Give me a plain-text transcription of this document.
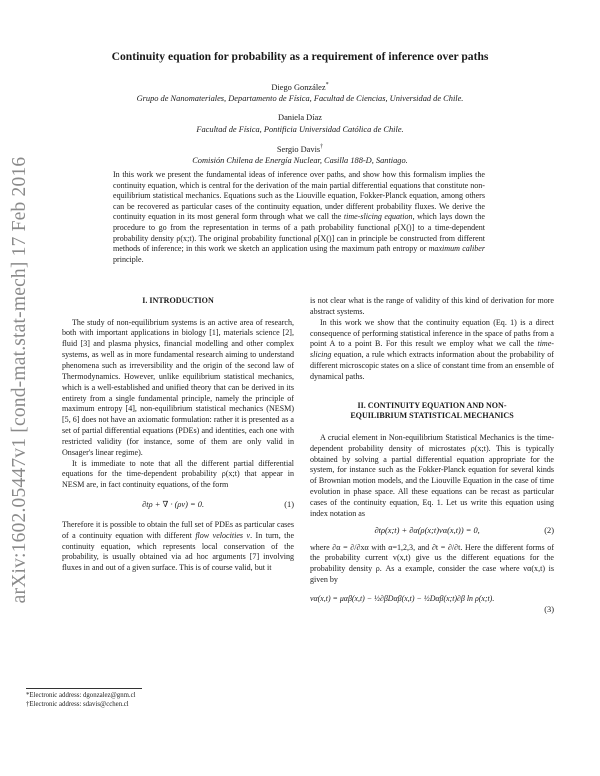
arXiv:1602.05447v1 [cond-mat.stat-mech] 17 Feb 2016
Continuity equation for probability as a requirement of inference over paths
Diego González*
Grupo de Nanomateriales, Departamento de Física, Facultad de Ciencias, Universidad de Chile.
Daniela Díaz
Facultad de Física, Pontificia Universidad Católica de Chile.
Sergio Davis†
Comisión Chilena de Energía Nuclear, Casilla 188-D, Santiago.
In this work we present the fundamental ideas of inference over paths, and show how this formalism implies the continuity equation, which is central for the derivation of the main partial differential equations that constitute non-equilibrium statistical mechanics. Equations such as the Liouville equation, Fokker-Planck equation, among others can be recovered as particular cases of the continuity equation, under different probability fluxes. We derive the continuity equation in its most general form through what we call the time-slicing equation, which lays down the procedure to go from the representation in terms of a path probability functional ρ[X()] to a time-dependent probability density ρ(x;t). The original probability functional ρ[X()] can in principle be constructed from different methods of inference; in this work we sketch an application using the maximum path entropy or maximum caliber principle.
I. INTRODUCTION

The study of non-equilibrium systems is an active area of research, both with important applications in biology [1], materials science [2], fluid [3] and plasma physics, financial modelling and other complex systems, as well as in more fundamental research aiming to understand phenomena such as irreversibility and the origin of the second law of Thermodynamics. However, unlike equilibrium statistical mechanics, which is a well-established and unified theory that can be derived in its entirety from a single fundamental principle, namely the principle of maximum entropy [4], non-equilibrium statistical mechanics (NESM) [5, 6] does not have an axiomatic formulation: rather it is presented as a set of partial differential equations (PDEs) and identities, each one with restricted validity (for instance, some of them are only valid in Onsager's linear regime).

It is immediate to note that all the different partial differential equations for the time-dependent probability ρ(x;t) that appear in NESM are, in fact continuity equations, of the form

∂tρ + ∇ · (ρv) = 0.	(1)

Therefore it is possible to obtain the full set of PDEs as particular cases of a continuity equation with different flow velocities v. In turn, the continuity equation, which represents local conservation of the probability, is usually obtained via ad hoc arguments [7] involving fluxes in and out of a given surface. This is of course valid, but it

is not clear what is the range of validity of this kind of derivation for more abstract systems.

In this work we show that the continuity equation (Eq. 1) is a direct consequence of performing statistical inference in the space of paths from a point A to a point B. For this result we employ what we call the time-slicing equation, a rule which extracts information about the probability of different microscopic states on a slice of constant time from an ensemble of dynamical paths.

II. CONTINUITY EQUATION AND NON-EQUILIBRIUM STATISTICAL MECHANICS

A crucial element in Non-equilibrium Statistical Mechanics is the time-dependent probability density of microstates ρ(x;t). This is typically obtained by solving a partial differential equation appropriate for the system, for instance such as the Fokker-Planck equation for several kinds of Brownian motion models, and the Liouville Equation in the case of time evolution in phase space. All these equations can be recast as particular cases of the continuity equation, Eq. 1. Let us write this equation using index notation as

∂tρ(x;t) + ∂α(ρ(x;t)vα(x,t)) = 0,	(2)

where ∂α = ∂/∂xα with α=1,2,3, and ∂t = ∂/∂t. Here the different forms of the probability current v(x,t) give us the different equations for the probability density ρ. As a example, consider the case where vα(x,t) is given by

vα(x,t) = μαβ(x,t) − ½∂βDαβ(x,t) − ½Dαβ(x;t)∂β ln ρ(x;t).
(3)
*Electronic address: dgonzalez@gnm.cl
†Electronic address: sdavis@cchen.cl
